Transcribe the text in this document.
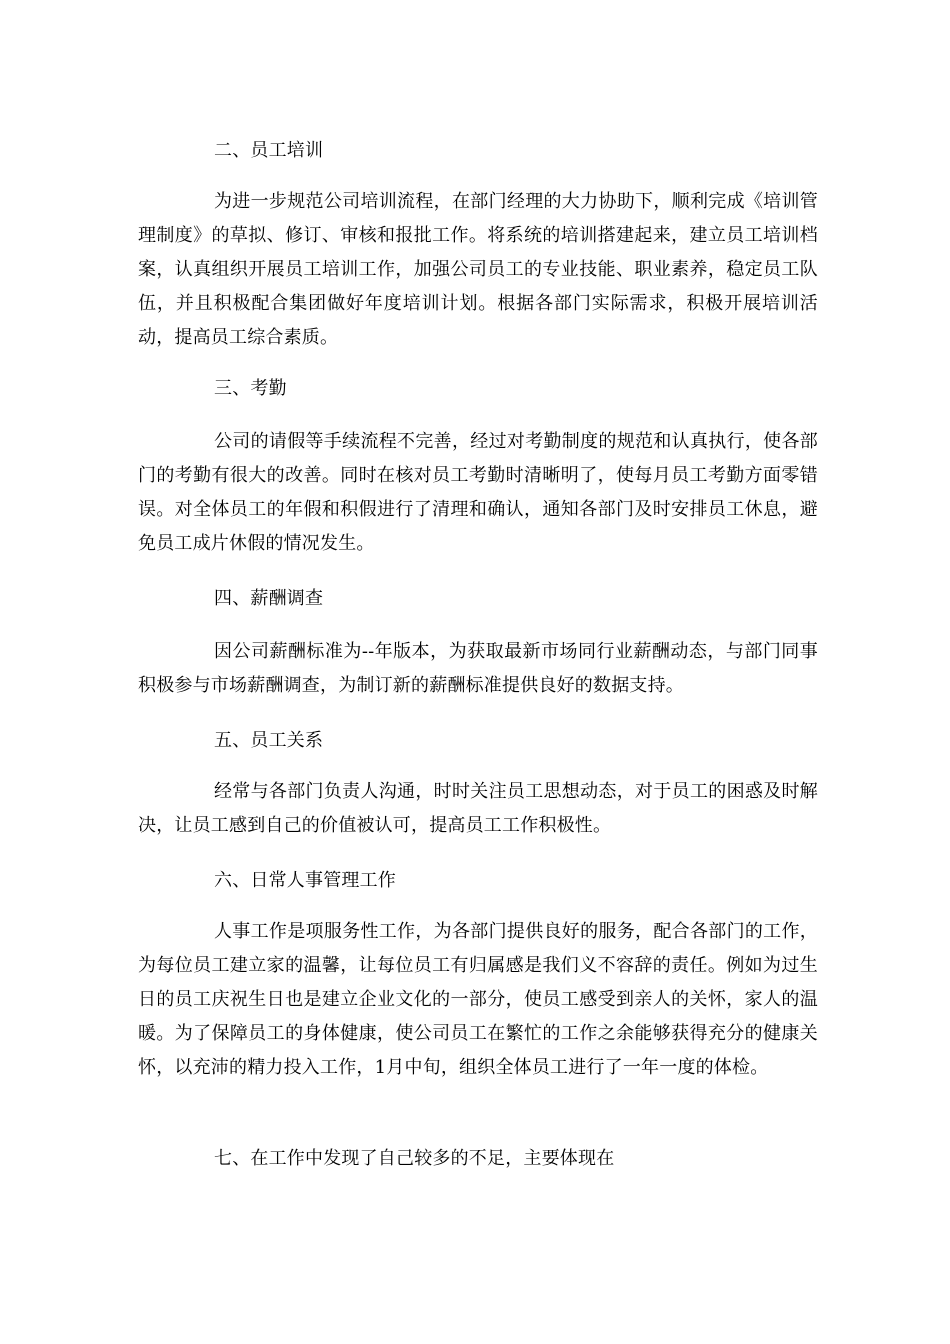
二、员工培训
为进一步规范公司培训流程，在部门经理的大力协助下，顺利完成《培训管理制度》的草拟、修订、审核和报批工作。将系统的培训搭建起来，建立员工培训档案，认真组织开展员工培训工作，加强公司员工的专业技能、职业素养，稳定员工队伍，并且积极配合集团做好年度培训计划。根据各部门实际需求，积极开展培训活动，提高员工综合素质。
三、考勤
公司的请假等手续流程不完善，经过对考勤制度的规范和认真执行，使各部门的考勤有很大的改善。同时在核对员工考勤时清晰明了，使每月员工考勤方面零错误。对全体员工的年假和积假进行了清理和确认，通知各部门及时安排员工休息，避免员工成片休假的情况发生。
四、薪酬调查
因公司薪酬标准为--年版本，为获取最新市场同行业薪酬动态，与部门同事积极参与市场薪酬调查，为制订新的薪酬标准提供良好的数据支持。
五、员工关系
经常与各部门负责人沟通，时时关注员工思想动态，对于员工的困惑及时解决，让员工感到自己的价值被认可，提高员工工作积极性。
六、日常人事管理工作
人事工作是项服务性工作，为各部门提供良好的服务，配合各部门的工作，为每位员工建立家的温馨，让每位员工有归属感是我们义不容辞的责任。例如为过生日的员工庆祝生日也是建立企业文化的一部分，使员工感受到亲人的关怀，家人的温暖。为了保障员工的身体健康，使公司员工在繁忙的工作之余能够获得充分的健康关怀，以充沛的精力投入工作，1月中旬，组织全体员工进行了一年一度的体检。
七、在工作中发现了自己较多的不足，主要体现在
